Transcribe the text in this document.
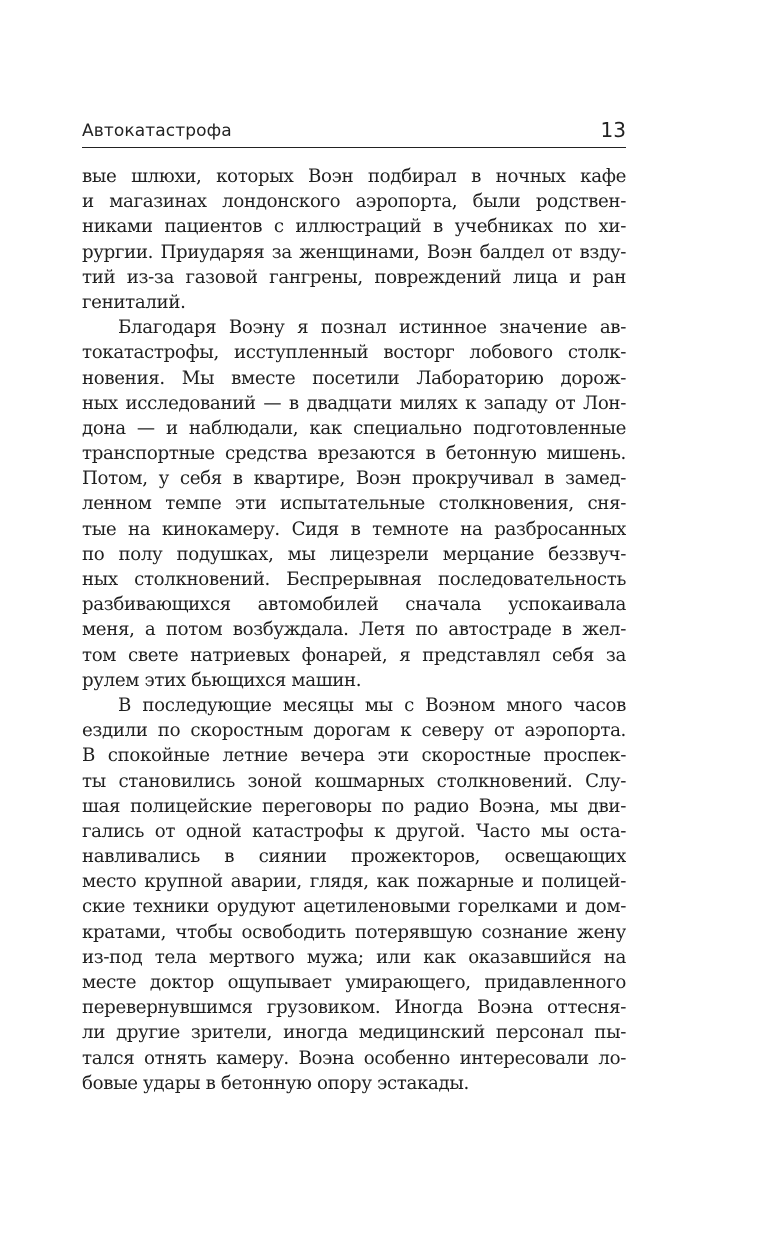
Автокатастрофа	13
вые шлюхи, которых Воэн подбирал в ночных кафе
и магазинах лондонского аэропорта, были родствен-
никами пациентов с иллюстраций в учебниках по хи-
рургии. Приударяя за женщинами, Воэн балдел от взду-
тий из-за газовой гангрены, повреждений лица и ран
гениталий.
Благодаря Воэну я познал истинное значение ав-
токатастрофы, исступленный восторг лобового столк-
новения. Мы вместе посетили Лабораторию дорож-
ных исследований — в двадцати милях к западу от Лон-
дона — и наблюдали, как специально подготовленные
транспортные средства врезаются в бетонную мишень.
Потом, у себя в квартире, Воэн прокручивал в замед-
ленном темпе эти испытательные столкновения, сня-
тые на кинокамеру. Сидя в темноте на разбросанных
по полу подушках, мы лицезрели мерцание беззвуч-
ных столкновений. Беспрерывная последовательность
разбивающихся автомобилей сначала успокаивала
меня, а потом возбуждала. Летя по автостраде в жел-
том свете натриевых фонарей, я представлял себя за
рулем этих бьющихся машин.
В последующие месяцы мы с Воэном много часов
ездили по скоростным дорогам к северу от аэропорта.
В спокойные летние вечера эти скоростные проспек-
ты становились зоной кошмарных столкновений. Слу-
шая полицейские переговоры по радио Воэна, мы дви-
гались от одной катастрофы к другой. Часто мы оста-
навливались в сиянии прожекторов, освещающих
место крупной аварии, глядя, как пожарные и полицей-
ские техники орудуют ацетиленовыми горелками и дом-
кратами, чтобы освободить потерявшую сознание жену
из-под тела мертвого мужа; или как оказавшийся на
месте доктор ощупывает умирающего, придавленного
перевернувшимся грузовиком. Иногда Воэна оттесня-
ли другие зрители, иногда медицинский персонал пы-
тался отнять камеру. Воэна особенно интересовали ло-
бовые удары в бетонную опору эстакады.
